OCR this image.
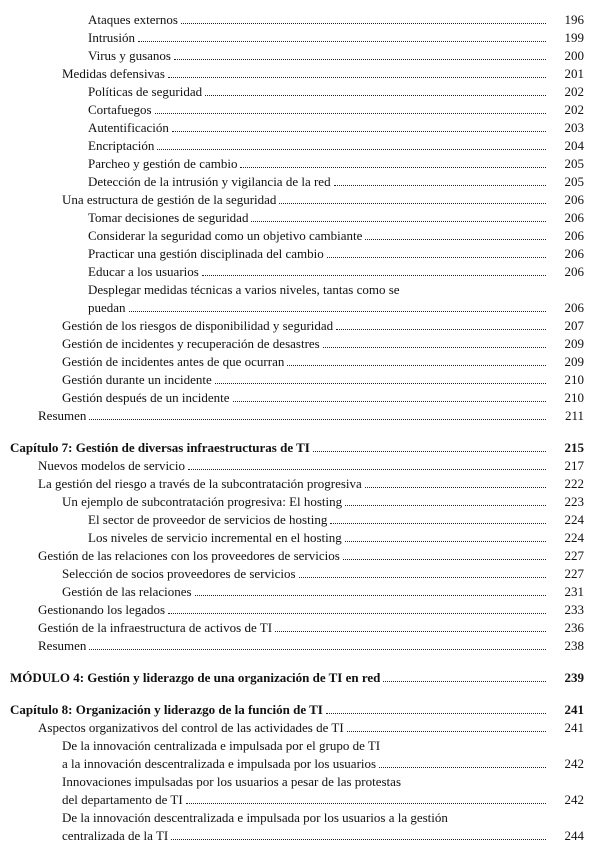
Ataques externos	196
Intrusión	199
Virus y gusanos	200
Medidas defensivas	201
Políticas de seguridad	202
Cortafuegos	202
Autentificación	203
Encriptación	204
Parcheo y gestión de cambio	205
Detección de la intrusión y vigilancia de la red	205
Una estructura de gestión de la seguridad	206
Tomar decisiones de seguridad	206
Considerar la seguridad como un objetivo cambiante	206
Practicar una gestión disciplinada del cambio	206
Educar a los usuarios	206
Desplegar medidas técnicas a varios niveles, tantas como se
puedan	206
Gestión de los riesgos de disponibilidad y seguridad	207
Gestión de incidentes y recuperación de desastres	209
Gestión de incidentes antes de que ocurran	209
Gestión durante un incidente	210
Gestión después de un incidente	210
Resumen	211
Capítulo 7: Gestión de diversas infraestructuras de TI	215
Nuevos modelos de servicio	217
La gestión del riesgo a través de la subcontratación progresiva	222
Un ejemplo de subcontratación progresiva: El hosting	223
El sector de proveedor de servicios de hosting	224
Los niveles de servicio incremental en el hosting	224
Gestión de las relaciones con los proveedores de servicios	227
Selección de socios proveedores de servicios	227
Gestión de las relaciones	231
Gestionando los legados	233
Gestión de la infraestructura de activos de TI	236
Resumen	238
MÓDULO 4: Gestión y liderazgo de una organización de TI en red	239
Capítulo 8: Organización y liderazgo de la función de TI	241
Aspectos organizativos del control de las actividades de TI	241
De la innovación centralizada e impulsada por el grupo de TI
a la innovación descentralizada e impulsada por los usuarios	242
Innovaciones impulsadas por los usuarios a pesar de las protestas
del departamento de TI	242
De la innovación descentralizada e impulsada por los usuarios a la gestión
centralizada de la TI	244
